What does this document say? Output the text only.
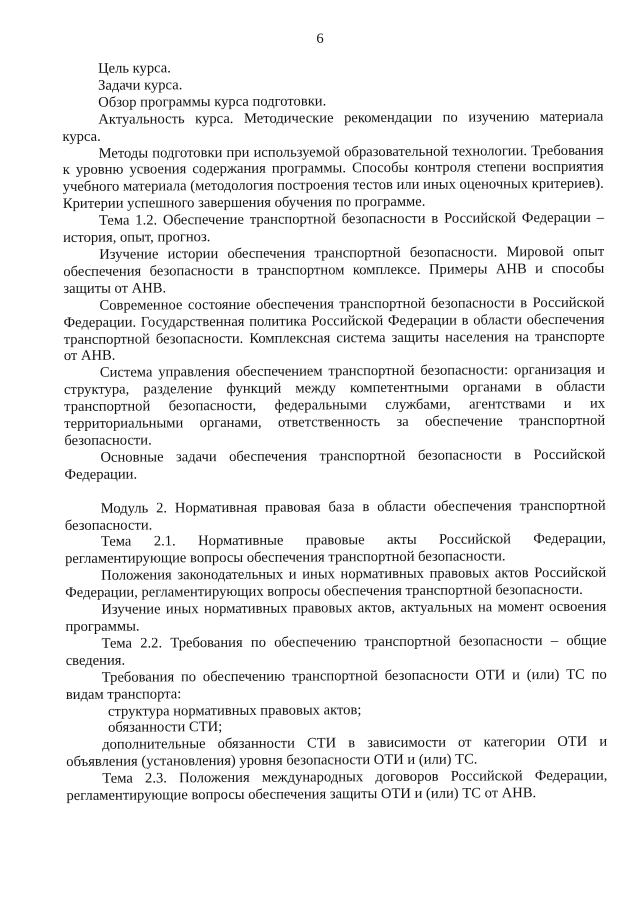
6

Цель курса.

Задачи курса.

Обзор программы курса подготовки.

Актуальность курса. Методические рекомендации по изучению материала курса.

Методы подготовки при используемой образовательной технологии. Требования к уровню усвоения содержания программы. Способы контроля степени восприятия учебного материала (методология построения тестов или иных оценочных критериев). Критерии успешного завершения обучения по программе.

Тема 1.2. Обеспечение транспортной безопасности в Российской Федерации – история, опыт, прогноз.

Изучение истории обеспечения транспортной безопасности. Мировой опыт обеспечения безопасности в транспортном комплексе. Примеры АНВ и способы защиты от АНВ.

Современное состояние обеспечения транспортной безопасности в Российской Федерации. Государственная политика Российской Федерации в области обеспечения транспортной безопасности. Комплексная система защиты населения на транспорте от АНВ.

Система управления обеспечением транспортной безопасности: организация и структура, разделение функций между компетентными органами в области транспортной безопасности, федеральными службами, агентствами и их территориальными органами, ответственность за обеспечение транспортной безопасности.

Основные задачи обеспечения транспортной безопасности в Российской Федерации.

Модуль 2. Нормативная правовая база в области обеспечения транспортной безопасности.

Тема 2.1. Нормативные правовые акты Российской Федерации, регламентирующие вопросы обеспечения транспортной безопасности.

Положения законодательных и иных нормативных правовых актов Российской Федерации, регламентирующих вопросы обеспечения транспортной безопасности.

Изучение иных нормативных правовых актов, актуальных на момент освоения программы.

Тема 2.2. Требования по обеспечению транспортной безопасности – общие сведения.

Требования по обеспечению транспортной безопасности ОТИ и (или) ТС по видам транспорта:

структура нормативных правовых актов;

обязанности СТИ;

дополнительные обязанности СТИ в зависимости от категории ОТИ и объявления (установления) уровня безопасности ОТИ и (или) ТС.

Тема 2.3. Положения международных договоров Российской Федерации, регламентирующие вопросы обеспечения защиты ОТИ и (или) ТС от АНВ.
